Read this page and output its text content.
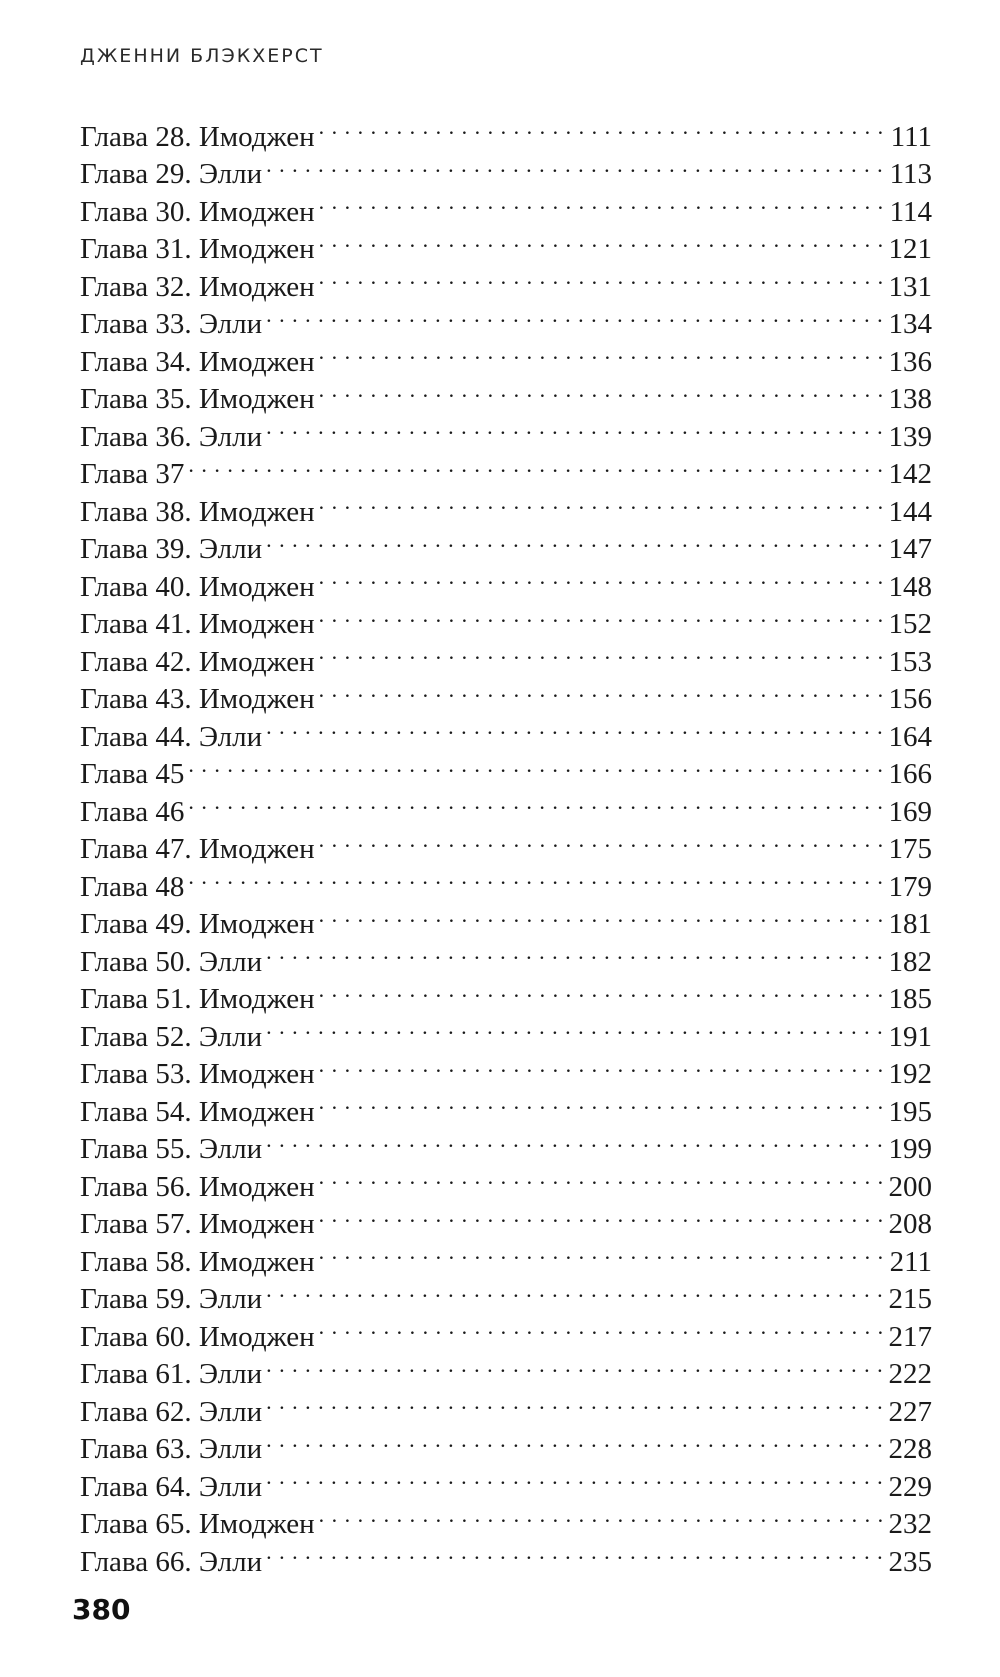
ДЖЕННИ БЛЭКХЕРСТ
Глава 28. Имоджен . . .	111
Глава 29. Элли . . .	113
Глава 30. Имоджен . . .	114
Глава 31. Имоджен . . .	121
Глава 32. Имоджен . . .	131
Глава 33. Элли . . .	134
Глава 34. Имоджен . . .	136
Глава 35. Имоджен . . .	138
Глава 36. Элли . . .	139
Глава 37 . . .	142
Глава 38. Имоджен . . .	144
Глава 39. Элли . . .	147
Глава 40. Имоджен . . .	148
Глава 41. Имоджен . . .	152
Глава 42. Имоджен . . .	153
Глава 43. Имоджен . . .	156
Глава 44. Элли . . .	164
Глава 45 . . .	166
Глава 46 . . .	169
Глава 47. Имоджен . . .	175
Глава 48 . . .	179
Глава 49. Имоджен . . .	181
Глава 50. Элли . . .	182
Глава 51. Имоджен . . .	185
Глава 52. Элли . . .	191
Глава 53. Имоджен . . .	192
Глава 54. Имоджен . . .	195
Глава 55. Элли . . .	199
Глава 56. Имоджен . . .	200
Глава 57. Имоджен . . .	208
Глава 58. Имоджен . . .	211
Глава 59. Элли . . .	215
Глава 60. Имоджен . . .	217
Глава 61. Элли . . .	222
Глава 62. Элли . . .	227
Глава 63. Элли . . .	228
Глава 64. Элли . . .	229
Глава 65. Имоджен . . .	232
Глава 66. Элли . . .	235
380
